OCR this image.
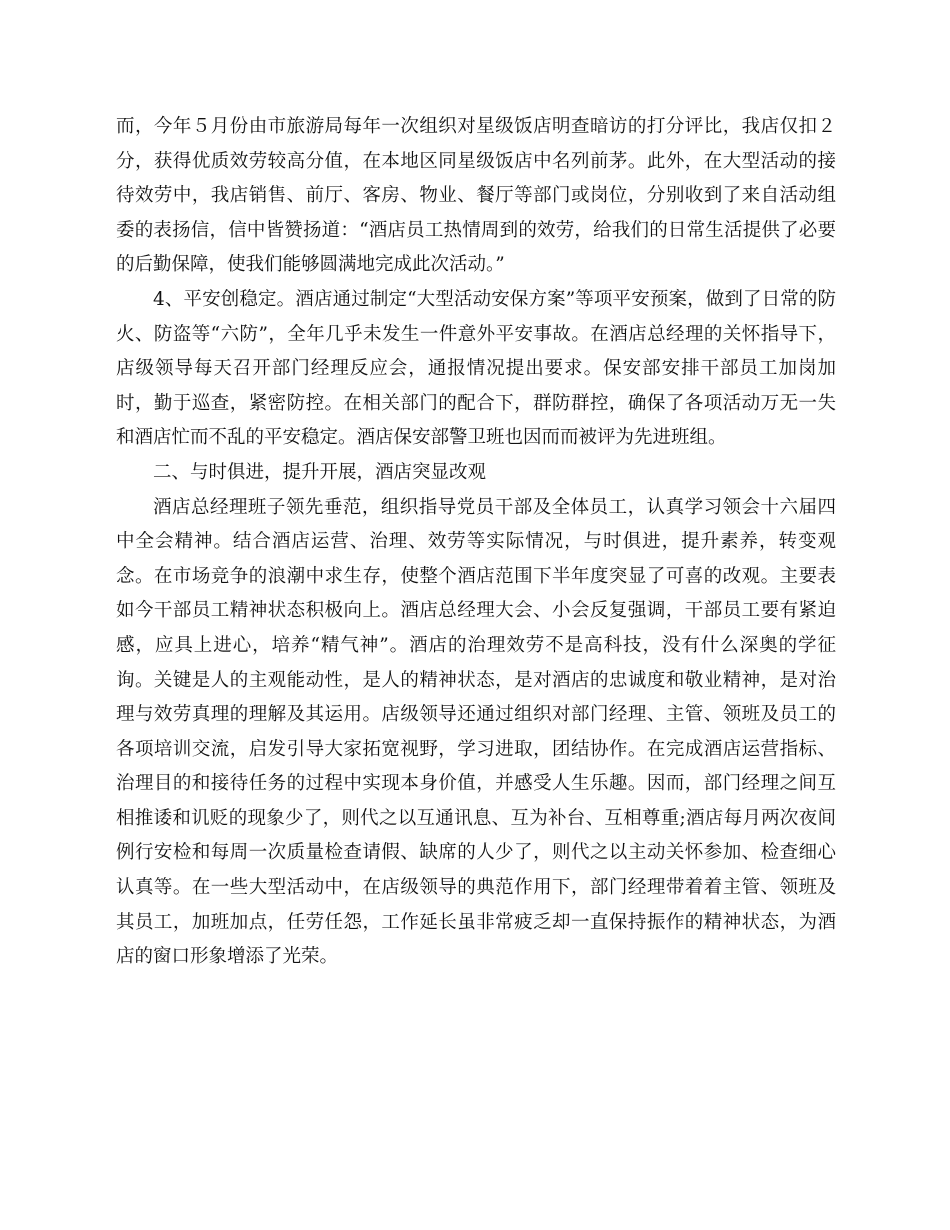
而，今年５月份由市旅游局每年一次组织对星级饭店明查暗访的打分评比，我店仅扣２分，获得优质效劳较高分值，在本地区同星级饭店中名列前茅。此外，在大型活动的接待效劳中，我店销售、前厅、客房、物业、餐厅等部门或岗位，分别收到了来自活动组委的表扬信，信中皆赞扬道：“酒店员工热情周到的效劳，给我们的日常生活提供了必要的后勤保障，使我们能够圆满地完成此次活动。”

4、平安创稳定。酒店通过制定“大型活动安保方案”等项平安预案，做到了日常的防火、防盗等“六防”，全年几乎未发生一件意外平安事故。在酒店总经理的关怀指导下，店级领导每天召开部门经理反应会，通报情况提出要求。保安部安排干部员工加岗加时，勤于巡查，紧密防控。在相关部门的配合下，群防群控，确保了各项活动万无一失和酒店忙而不乱的平安稳定。酒店保安部警卫班也因而而被评为先进班组。

二、与时俱进，提升开展，酒店突显改观

酒店总经理班子领先垂范，组织指导党员干部及全体员工，认真学习领会十六届四中全会精神。结合酒店运营、治理、效劳等实际情况，与时俱进，提升素养，转变观念。在市场竞争的浪潮中求生存，使整个酒店范围下半年度突显了可喜的改观。主要表如今干部员工精神状态积极向上。酒店总经理大会、小会反复强调，干部员工要有紧迫感，应具上进心，培养“精气神”。酒店的治理效劳不是高科技，没有什么深奥的学征询。关键是人的主观能动性，是人的精神状态，是对酒店的忠诚度和敬业精神，是对治理与效劳真理的理解及其运用。店级领导还通过组织对部门经理、主管、领班及员工的各项培训交流，启发引导大家拓宽视野，学习进取，团结协作。在完成酒店运营指标、治理目的和接待任务的过程中实现本身价值，并感受人生乐趣。因而，部门经理之间互相推诿和讥贬的现象少了，则代之以互通讯息、互为补台、互相尊重;酒店每月两次夜间例行安检和每周一次质量检查请假、缺席的人少了，则代之以主动关怀参加、检查细心认真等。在一些大型活动中，在店级领导的典范作用下，部门经理带着着主管、领班及其员工，加班加点，任劳任怨，工作延长虽非常疲乏却一直保持振作的精神状态，为酒店的窗口形象增添了光荣。
